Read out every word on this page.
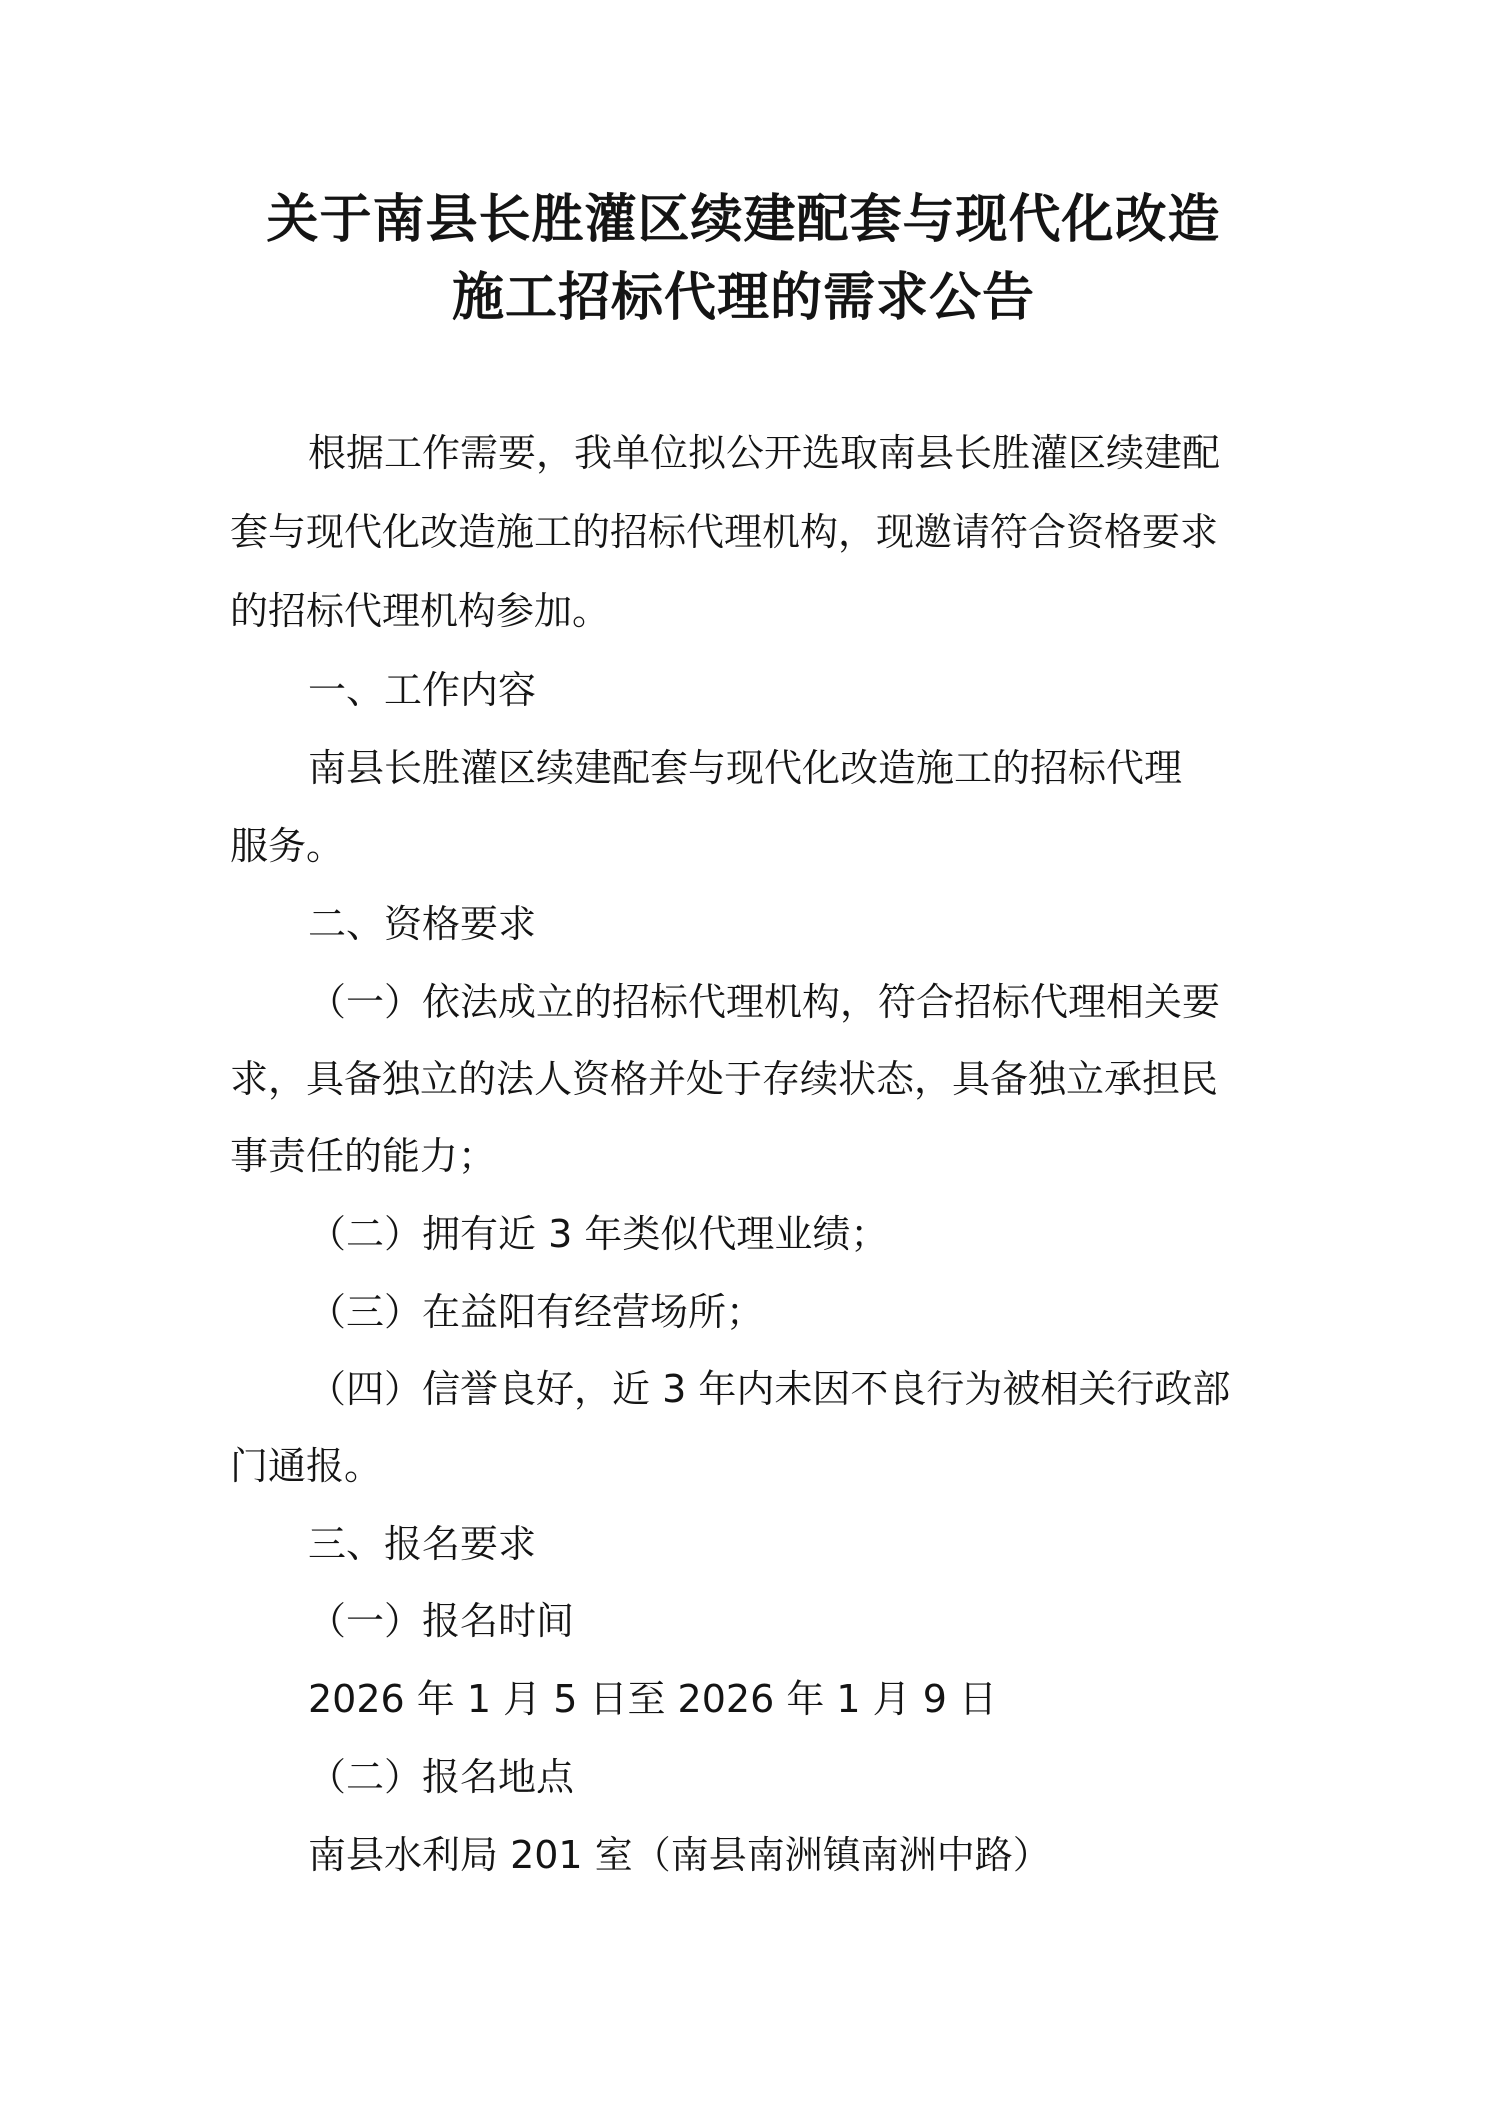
关于南县长胜灌区续建配套与现代化改造
施工招标代理的需求公告
根据工作需要，我单位拟公开选取南县长胜灌区续建配
套与现代化改造施工的招标代理机构，现邀请符合资格要求
的招标代理机构参加。
一、工作内容
南县长胜灌区续建配套与现代化改造施工的招标代理
服务。
二、资格要求
（一）依法成立的招标代理机构，符合招标代理相关要
求，具备独立的法人资格并处于存续状态，具备独立承担民
事责任的能力；
（二）拥有近 3 年类似代理业绩；
（三）在益阳有经营场所；
（四）信誉良好，近 3 年内未因不良行为被相关行政部
门通报。
三、报名要求
（一）报名时间
2026 年 1 月 5 日至 2026 年 1 月 9 日
（二）报名地点
南县水利局 201 室（南县南洲镇南洲中路）
